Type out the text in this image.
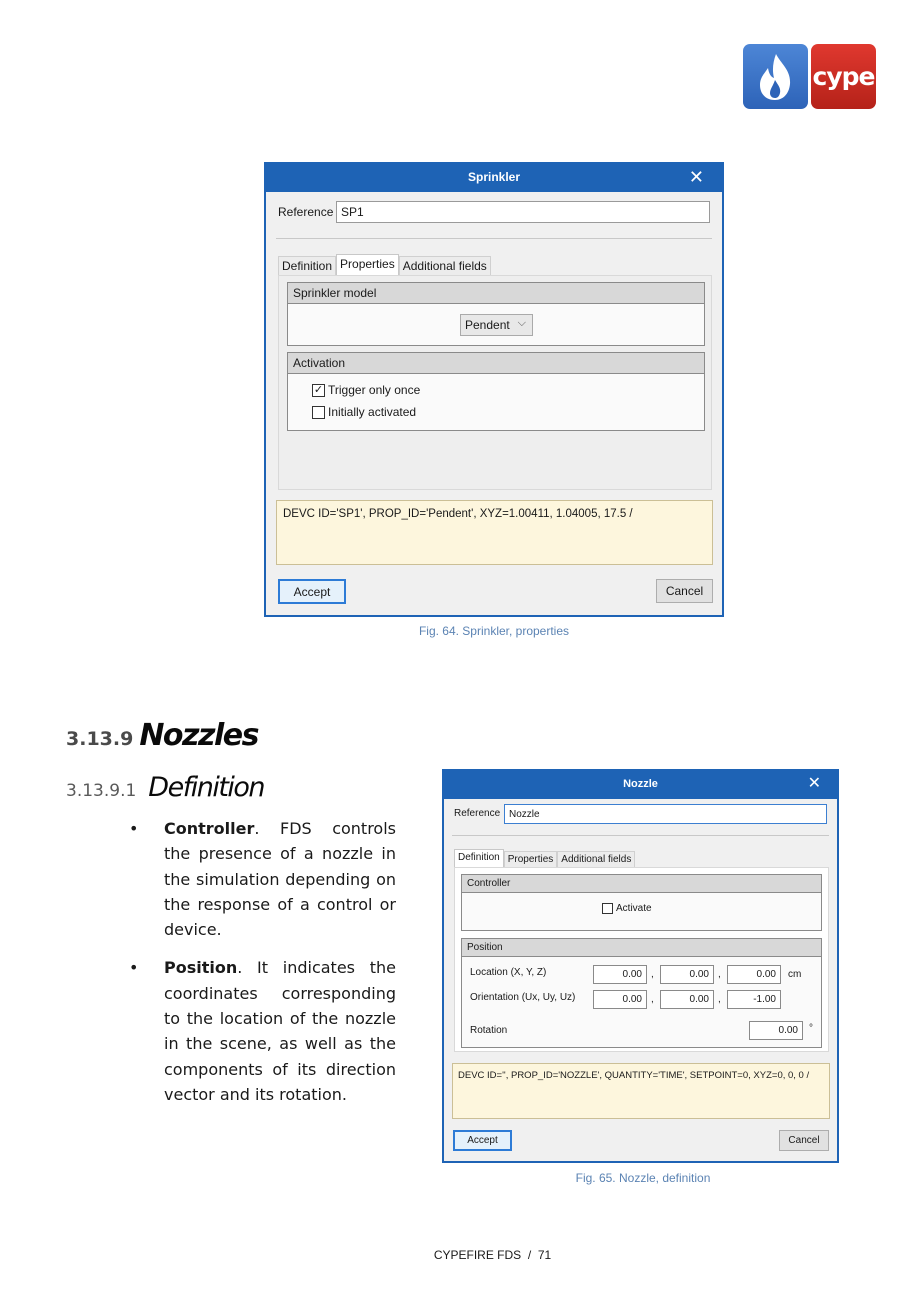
cype
Sprinkler	✕
Reference SP1
Definition Properties Additional fields
Sprinkler model
Pendent ⌵
Activation
✓ Trigger only once
Initially activated
DEVC ID='SP1', PROP_ID='Pendent', XYZ=1.00411, 1.04005, 17.5 /
Accept	Cancel
Fig. 64. Sprinkler, properties
3.13.9 Nozzles
3.13.9.1 Definition
• Controller. FDS controls the presence of a nozzle in the simulation depending on the response of a control or device.
• Position. It indicates the coordinates corresponding to the location of the nozzle in the scene, as well as the components of its direction vector and its rotation.
Nozzle	✕
Reference Nozzle
Definition Properties Additional fields
Controller
Activate
Position
Location (X, Y, Z)	0.00 ,	0.00 ,	0.00	cm
Orientation (Ux, Uy, Uz)	0.00 ,	0.00 ,	-1.00
Rotation	0.00	°
DEVC ID='', PROP_ID='NOZZLE', QUANTITY='TIME', SETPOINT=0, XYZ=0, 0, 0 /
Accept	Cancel
Fig. 65. Nozzle, definition
CYPEFIRE FDS  /  71
